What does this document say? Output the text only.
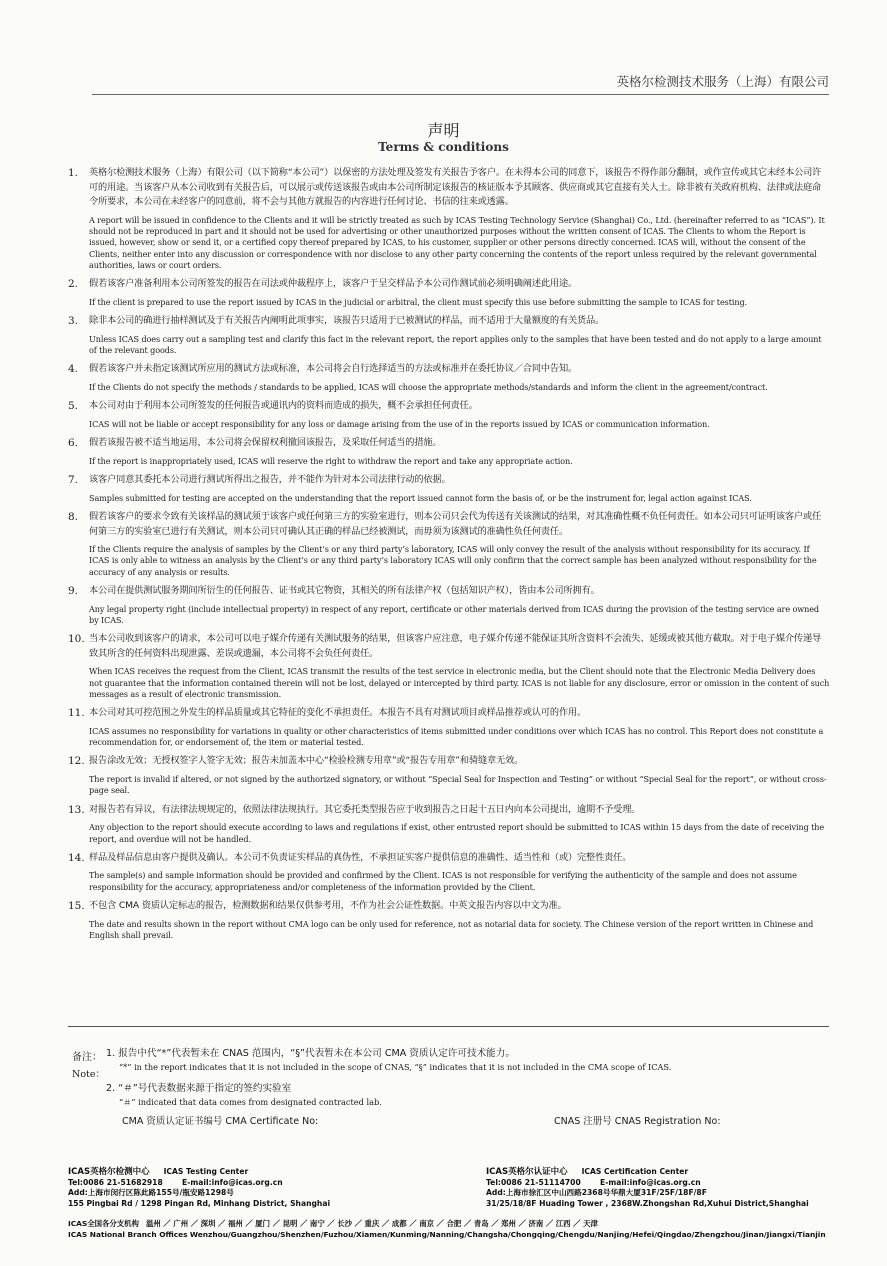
英格尔检测技术服务（上海）有限公司
声明
Terms & conditions
1. 英格尔检测技术服务（上海）有限公司（以下简称“本公司”）以保密的方法处理及签发有关报告予客户。在未得本公司的同意下，该报告不得作部分翻制，或作宣传或其它未经本公司许可的用途。当该客户从本公司收到有关报告后，可以展示或传送该报告或由本公司所制定该报告的核证版本予其顾客、供应商或其它直接有关人士。除非被有关政府机构、法律或法庭命令所要求，本公司在未经客户的同意前，将不会与其他方就报告的内容进行任何讨论、书信的往来或透露。

A report will be issued in confidence to the Clients and it will be strictly treated as such by ICAS Testing Technology Service (Shanghai) Co., Ltd. (hereinafter referred to as “ICAS”). It should not be reproduced in part and it should not be used for advertising or other unauthorized purposes without the written consent of ICAS. The Clients to whom the Report is issued, however, show or send it, or a certified copy thereof prepared by ICAS, to his customer, supplier or other persons directly concerned. ICAS will, without the consent of the Clients, neither enter into any discussion or correspondence with nor disclose to any other party concerning the contents of the report unless required by the relevant governmental authorities, laws or court orders.

2. 假若该客户准备利用本公司所签发的报告在司法或仲裁程序上，该客户于呈交样品予本公司作测试前必须明确阐述此用途。

If the client is prepared to use the report issued by ICAS in the judicial or arbitral, the client must specify this use before submitting the sample to ICAS for testing.

3. 除非本公司的确进行抽样测试及于有关报告内阐明此项事实，该报告只适用于已被测试的样品，而不适用于大量额度的有关货品。

Unless ICAS does carry out a sampling test and clarify this fact in the relevant report, the report applies only to the samples that have been tested and do not apply to a large amount of the relevant goods.

4. 假若该客户并未指定该测试所应用的测试方法或标准，本公司将会自行选择适当的方法或标准并在委托协议／合同中告知。

If the Clients do not specify the methods / standards to be applied, ICAS will choose the appropriate methods/standards and inform the client in the agreement/contract.

5. 本公司对由于利用本公司所签发的任何报告或通讯内的资料而造成的损失，概不会承担任何责任。

ICAS will not be liable or accept responsibility for any loss or damage arising from the use of in the reports issued by ICAS or communication information.

6. 假若该报告被不适当地运用，本公司将会保留权利撤回该报告，及采取任何适当的措施。

If the report is inappropriately used, ICAS will reserve the right to withdraw the report and take any appropriate action.

7. 该客户同意其委托本公司进行测试所得出之报告，并不能作为针对本公司法律行动的依据。

Samples submitted for testing are accepted on the understanding that the report issued cannot form the basis of, or be the instrument for, legal action against ICAS.

8. 假若该客户的要求令致有关该样品的测试须于该客户或任何第三方的实验室进行，则本公司只会代为传送有关该测试的结果，对其准确性概不负任何责任。如本公司只可证明该客户或任何第三方的实验室已进行有关测试，则本公司只可确认其正确的样品已经被测试，而毋须为该测试的准确性负任何责任。

If the Clients require the analysis of samples by the Client’s or any third party’s laboratory, ICAS will only convey the result of the analysis without responsibility for its accuracy. If ICAS is only able to witness an analysis by the Client’s or any third party’s laboratory ICAS will only confirm that the correct sample has been analyzed without responsibility for the accuracy of any analysis or results.

9. 本公司在提供测试服务期间所衍生的任何报告、证书或其它物资，其相关的所有法律产权（包括知识产权），皆由本公司所拥有。

Any legal property right (include intellectual property) in respect of any report, certificate or other materials derived from ICAS during the provision of the testing service are owned by ICAS.

10. 当本公司收到该客户的请求，本公司可以电子媒介传递有关测试服务的结果，但该客户应注意，电子媒介传递不能保证其所含资料不会流失、延缓或被其他方截取。对于电子媒介传递导致其所含的任何资料出现泄露、差误或遗漏，本公司将不会负任何责任。

When ICAS receives the request from the Client, ICAS transmit the results of the test service in electronic media, but the Client should note that the Electronic Media Delivery does not guarantee that the information contained therein will not be lost, delayed or intercepted by third party. ICAS is not liable for any disclosure, error or omission in the content of such messages as a result of electronic transmission.

11. 本公司对其可控范围之外发生的样品质量或其它特征的变化不承担责任。本报告不具有对测试项目或样品推荐或认可的作用。

ICAS assumes no responsibility for variations in quality or other characteristics of items submitted under conditions over which ICAS has no control. This Report does not constitute a recommendation for, or endorsement of, the item or material tested.

12. 报告涂改无效；无授权签字人签字无效；报告未加盖本中心“检验检测专用章”或“报告专用章”和骑缝章无效。

The report is invalid if altered, or not signed by the authorized signatory, or without “Special Seal for Inspection and Testing” or without “Special Seal for the report”, or without cross-page seal.

13. 对报告若有异议，有法律法规规定的，依照法律法规执行。其它委托类型报告应于收到报告之日起十五日内向本公司提出，逾期不予受理。

Any objection to the report should execute according to laws and regulations if exist, other entrusted report should be submitted to ICAS within 15 days from the date of receiving the report, and overdue will not be handled.

14. 样品及样品信息由客户提供及确认。本公司不负责证实样品的真伪性，不承担证实客户提供信息的准确性、适当性和（或）完整性责任。

The sample(s) and sample information should be provided and confirmed by the Client. ICAS is not responsible for verifying the authenticity of the sample and does not assume responsibility for the accuracy, appropriateness and/or completeness of the information provided by the Client.

15. 不包含 CMA 资质认定标志的报告，检测数据和结果仅供参考用，不作为社会公证性数据。中英文报告内容以中文为准。

The date and results shown in the report without CMA logo can be only used for reference, not as notarial data for society. The Chinese version of the report written in Chinese and English shall prevail.

备注：
Note：
1. 报告中代“*”代表暂未在 CNAS 范围内，“§”代表暂未在本公司 CMA 资质认定许可技术能力。
“*” in the report indicates that it is not included in the scope of CNAS, “§” indicates that it is not included in the CMA scope of ICAS.
2. “＃”号代表数据来源于指定的签约实验室
“＃” indicated that data comes from designated contracted lab.
CMA 资质认定证书编号 CMA Certificate No:	CNAS 注册号 CNAS Registration No:
ICAS英格尔检测中心 ICAS Testing Center
Tel:0086 21-51682918	E-mail:info@icas.org.cn
Add:上海市闵行区陈此路155号/瓶安路1298号
155 Pingbai Rd / 1298 Pingan Rd, Minhang District, Shanghai
ICAS英格尔认证中心 ICAS Certification Center
Tel:0086 21-51114700	E-mail:info@icas.org.cn
Add:上海市徐汇区中山西路2368号华鼎大厦31F/25F/18F/8F
31/25/18/8F Huading Tower , 2368W.Zhongshan Rd,Xuhui District,Shanghai
ICAS全国各分支机构 温州 ／ 广州 ／ 深圳 ／ 福州 ／ 厦门 ／ 昆明 ／ 南宁 ／ 长沙 ／ 重庆 ／ 成都 ／ 南京 ／ 合肥 ／ 青岛 ／ 郑州 ／ 济南 ／ 江西 ／ 天津
ICAS National Branch Offices Wenzhou/Guangzhou/Shenzhen/Fuzhou/Xiamen/Kunming/Nanning/Changsha/Chongqing/Chengdu/Nanjing/Hefei/Qingdao/Zhengzhou/Jinan/Jiangxi/Tianjin
